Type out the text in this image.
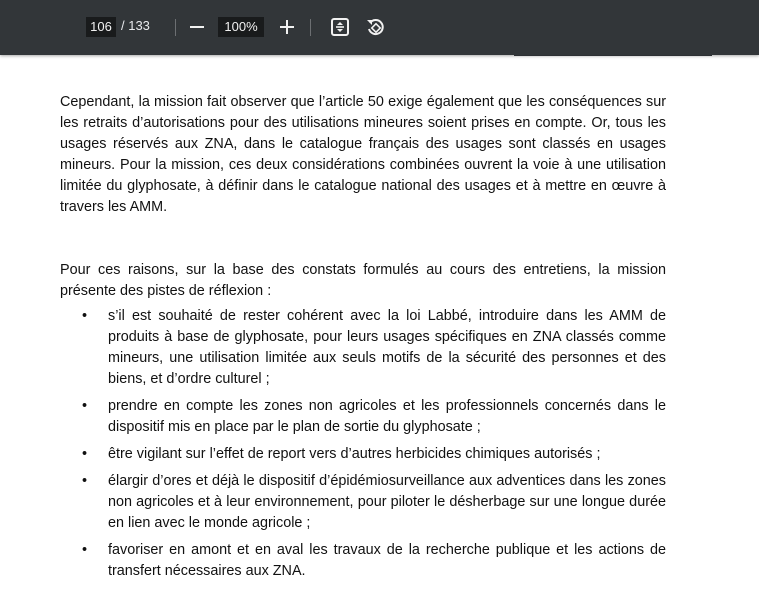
106 / 133	100%

Cependant, la mission fait observer que l’article 50 exige également que les conséquences sur les retraits d’autorisations pour des utilisations mineures soient prises en compte. Or, tous les usages réservés aux ZNA, dans le catalogue français des usages sont classés en usages mineurs. Pour la mission, ces deux considérations combinées ouvrent la voie à une utilisation limitée du glyphosate, à définir dans le catalogue national des usages et à mettre en œuvre à travers les AMM.

Pour ces raisons, sur la base des constats formulés au cours des entretiens, la mission présente des pistes de réflexion :

• s’il est souhaité de rester cohérent avec la loi Labbé, introduire dans les AMM de produits à base de glyphosate, pour leurs usages spécifiques en ZNA classés comme mineurs, une utilisation limitée aux seuls motifs de la sécurité des personnes et des biens, et d’ordre culturel ;
• prendre en compte les zones non agricoles et les professionnels concernés dans le dispositif mis en place par le plan de sortie du glyphosate ;
• être vigilant sur l’effet de report vers d’autres herbicides chimiques autorisés ;
• élargir d’ores et déjà le dispositif d’épidémiosurveillance aux adventices dans les zones non agricoles et à leur environnement, pour piloter le désherbage sur une longue durée en lien avec le monde agricole ;
• favoriser en amont et en aval les travaux de la recherche publique et les actions de transfert nécessaires aux ZNA.
